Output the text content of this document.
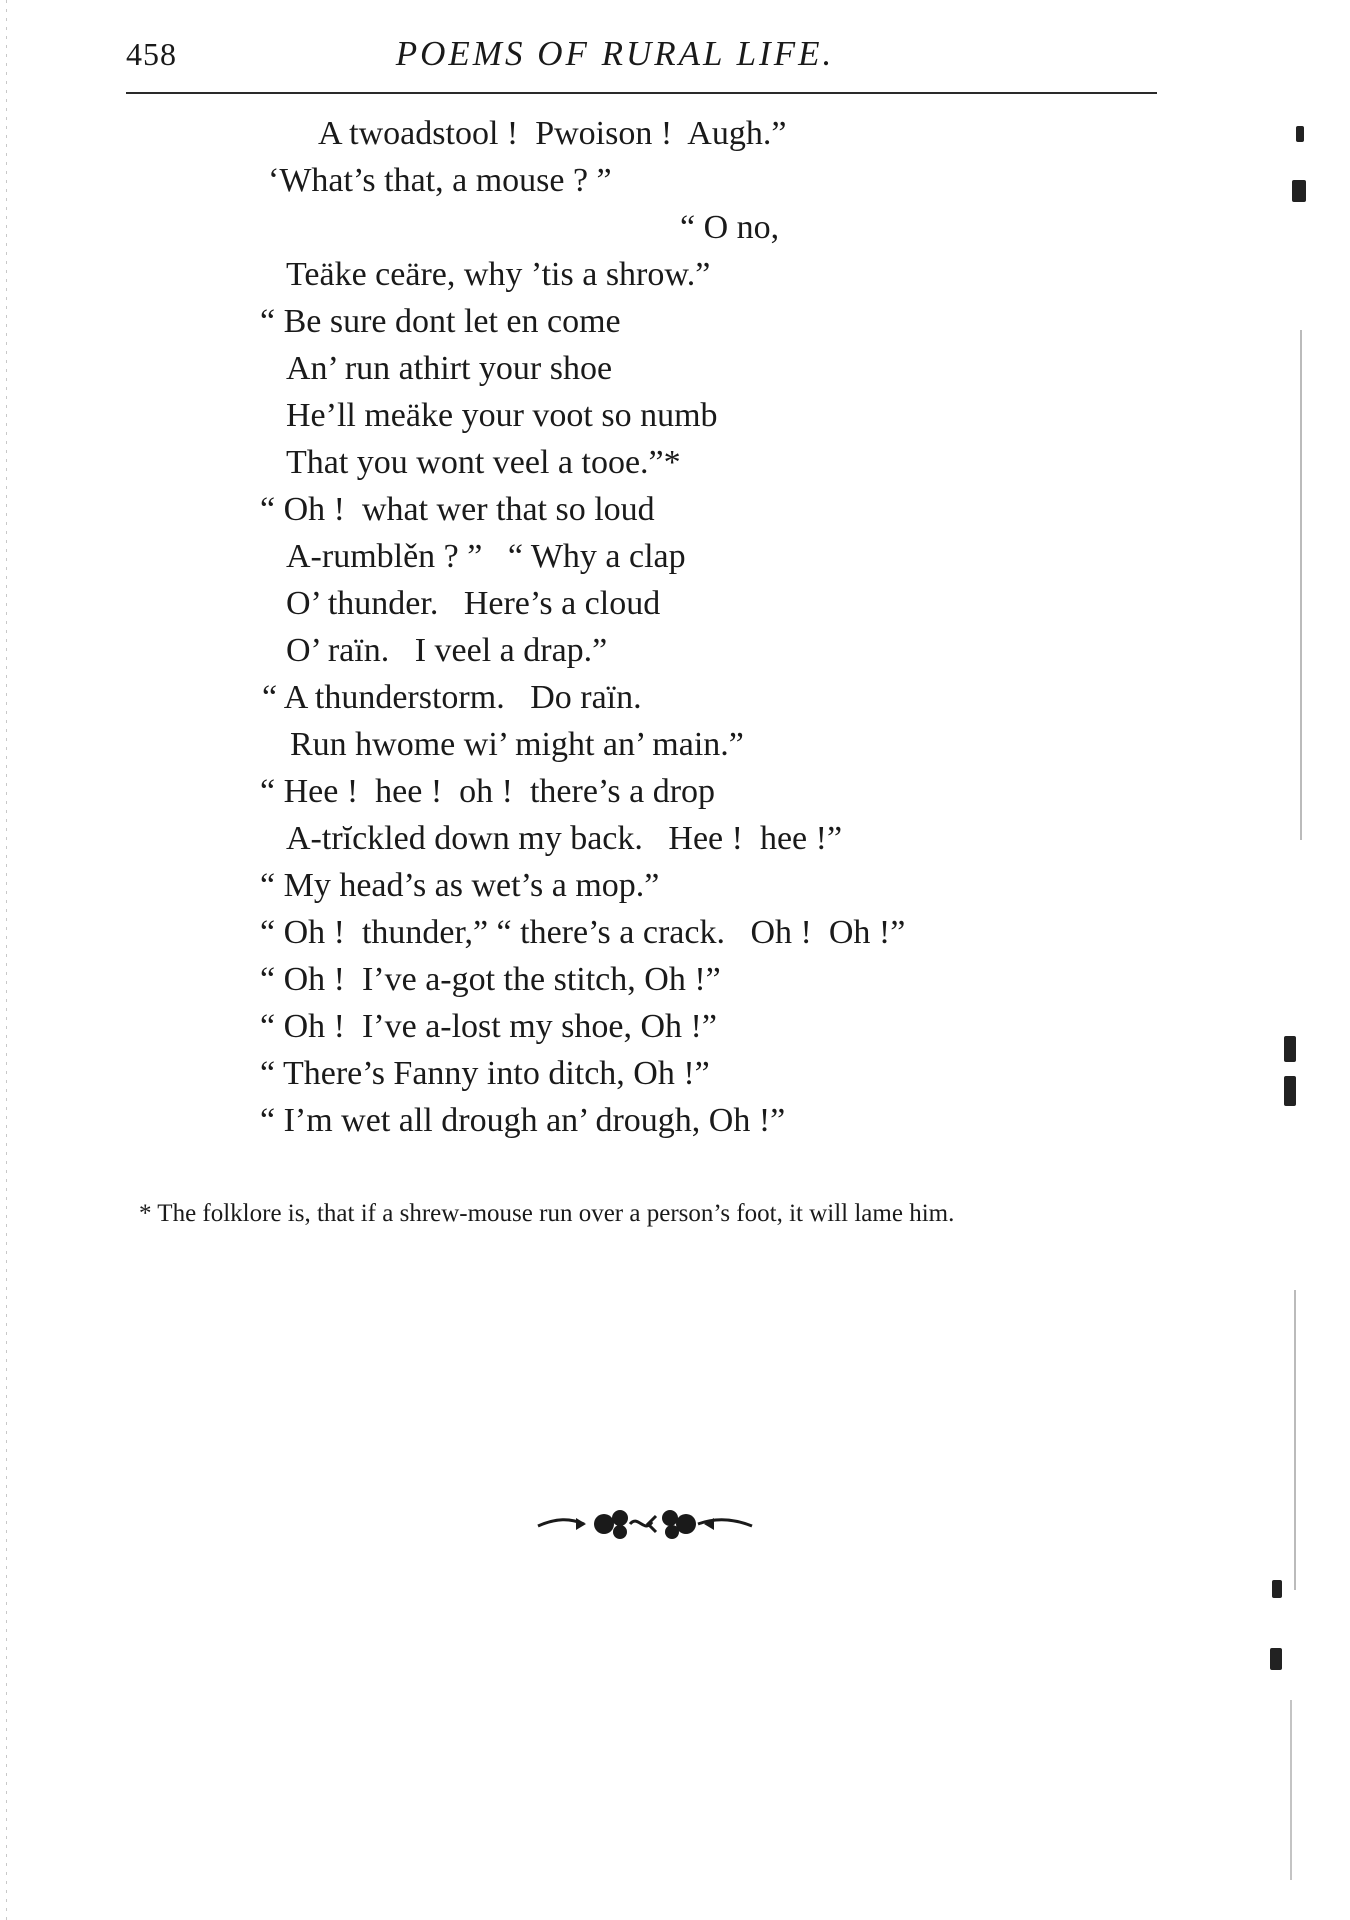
458	POEMS OF RURAL LIFE.
A twoadstool !  Pwoison !  Augh.”
‘What’s that, a mouse ? ”
“ O no,
Teäke ceäre, why ’tis a shrow.”
“ Be sure dont let en come
An’ run athirt your shoe
He’ll meäke your voot so numb
That you wont veel a tooe.”*
“ Oh !  what wer that so loud
A-rumblěn ? ”   “ Why a clap
O’ thunder.   Here’s a cloud
O’ raïn.   I veel a drap.”
“ A thunderstorm.   Do raïn.
Run hwome wi’ might an’ main.”
“ Hee !  hee !  oh !  there’s a drop
A-trĭckled down my back.   Hee !  hee !”
“ My head’s as wet’s a mop.”
“ Oh !  thunder,” “ there’s a crack.   Oh !  Oh !”
“ Oh !  I’ve a-got the stitch, Oh !”
“ Oh !  I’ve a-lost my shoe, Oh !”
“ There’s Fanny into ditch, Oh !”
“ I’m wet all drough an’ drough, Oh !”
* The folklore is, that if a shrew-mouse run over a person’s foot, it will lame him.
